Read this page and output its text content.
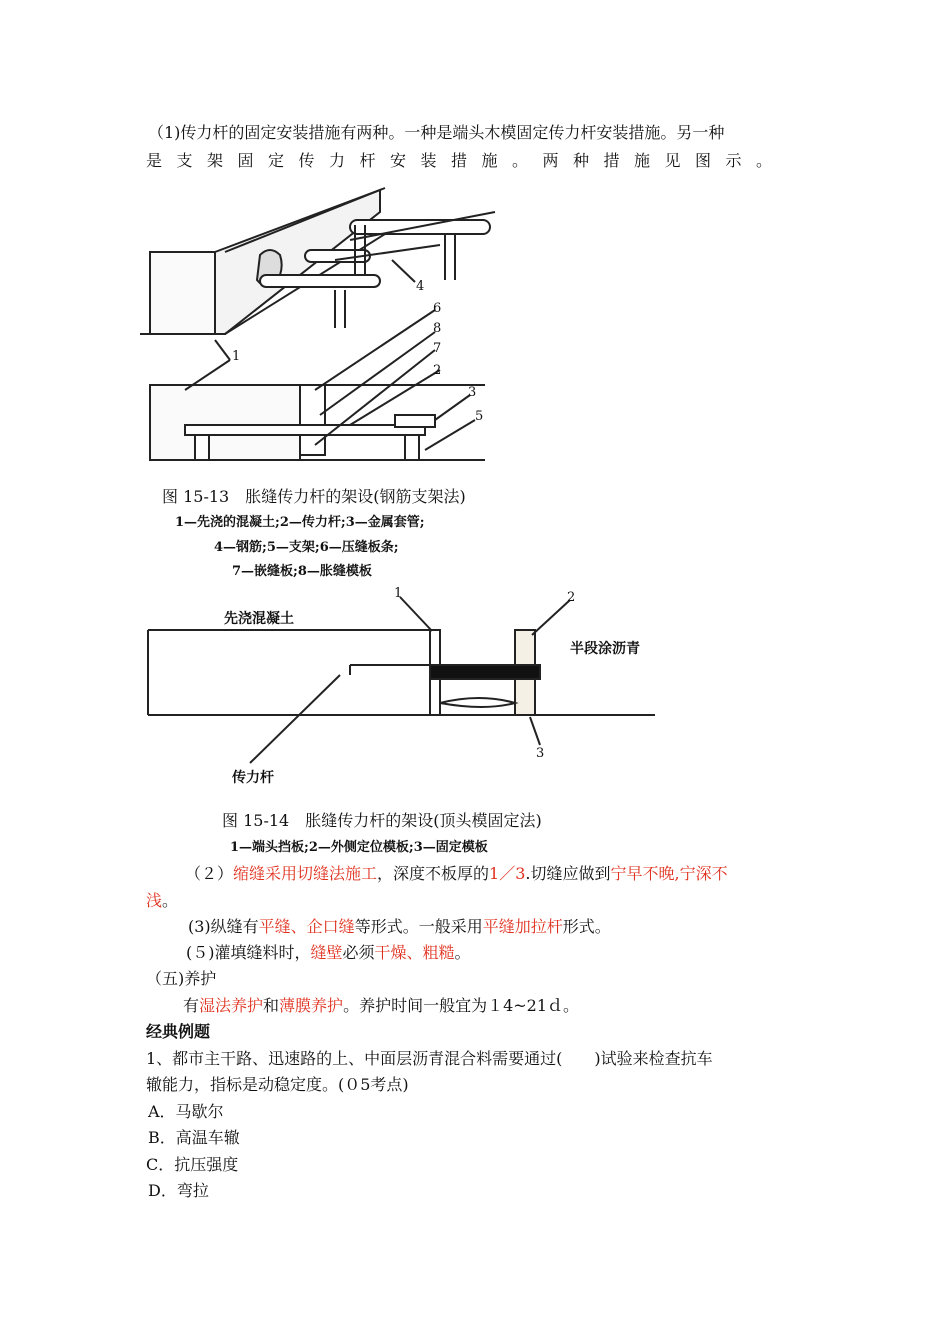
（1)传力杆的固定安装措施有两种。一种是端头木模固定传力杆安装措施。另一种
是支架固定传力杆安装措施。两种措施见图示。
1
2
3
4
5
6
7
8
图 15-13　胀缝传力杆的架设(钢筋支架法)
1—先浇的混凝土;2—传力杆;3—金属套管;
4—钢筋;5—支架;6—压缝板条;
7—嵌缝板;8—胀缝模板
1	2
3
先浇混凝土
半段涂沥青
传力杆
图 15-14　胀缝传力杆的架设(顶头模固定法)
1—端头挡板;2—外侧定位模板;3—固定模板
（２）缩缝采用切缝法施工，深度不板厚的1／3.切缝应做到宁早不晚,宁深不
浅。
(3)纵缝有平缝、企口缝等形式。一般采用平缝加拉杆形式。
(５)灌填缝料时，缝壁必须干燥、粗糙。
（五)养护
有湿法养护和薄膜养护。养护时间一般宜为１4~21ｄ。
经典例题
1、都市主干路、迅速路的上、中面层沥青混合料需要通过(　　)试验来检查抗车
辙能力，指标是动稳定度。(０5考点)
A．马歇尔
B．高温车辙
C．抗压强度
D．弯拉
